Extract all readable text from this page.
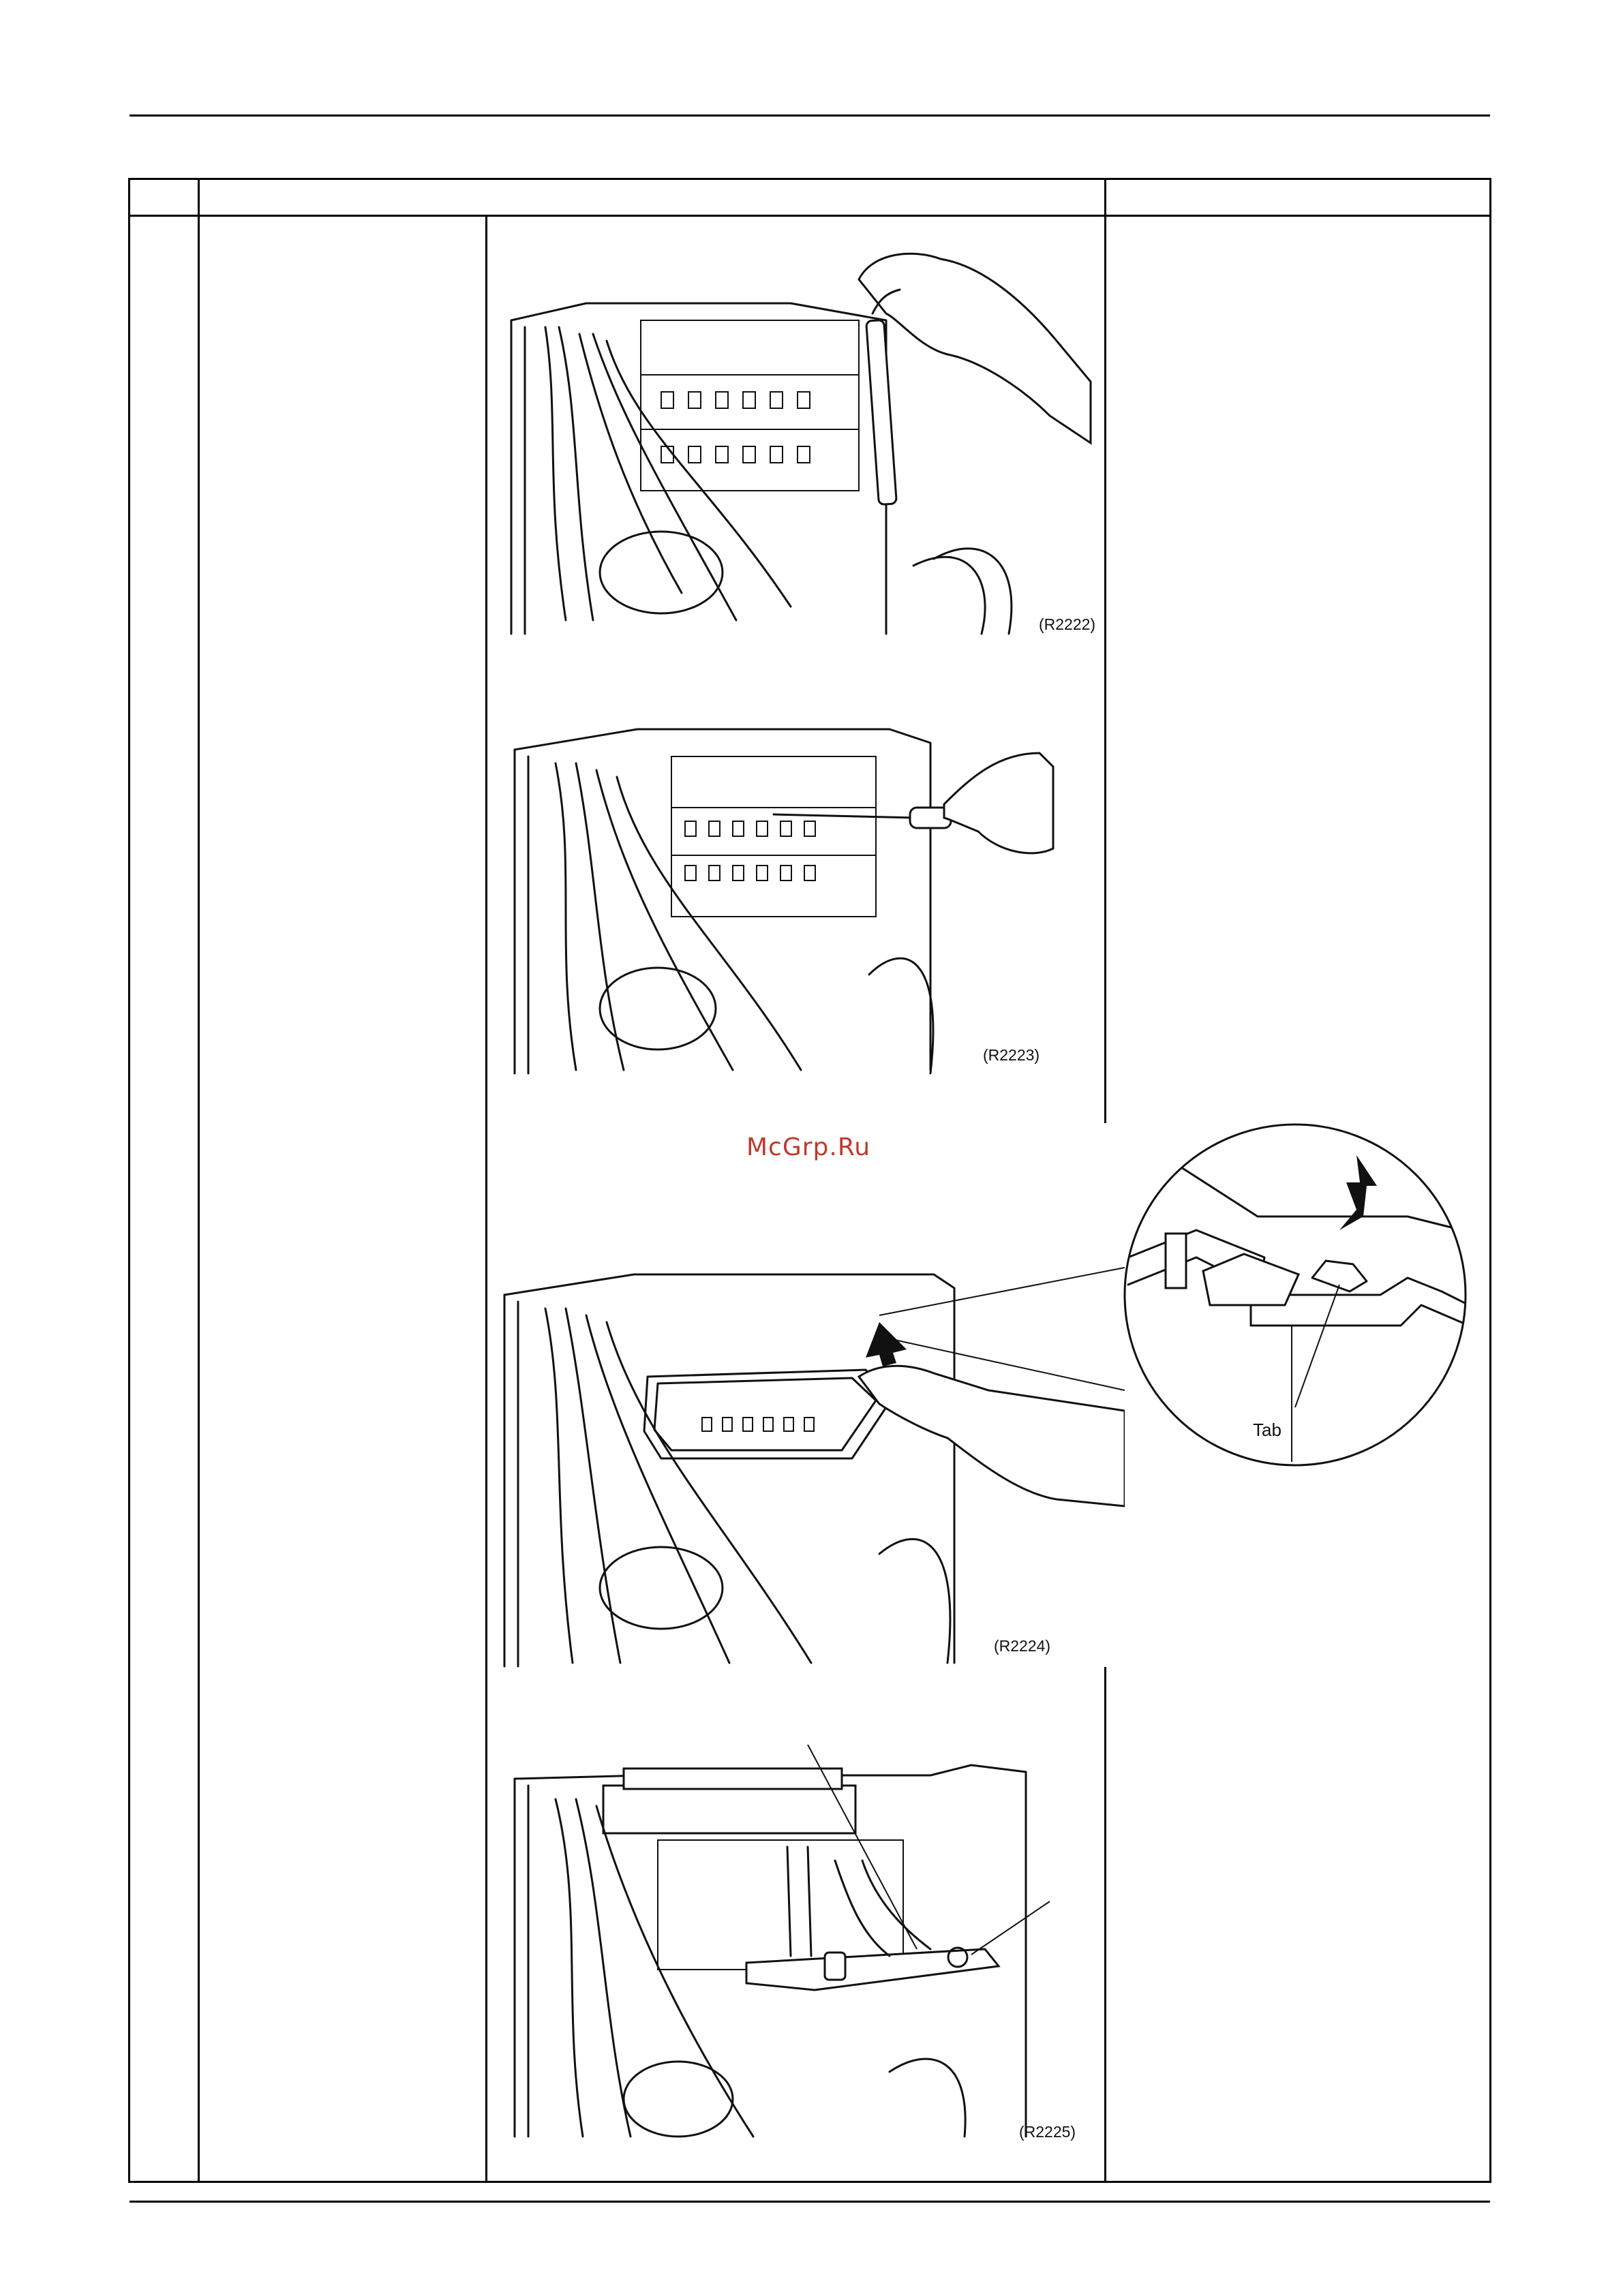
(R2222)
(R2223)
McGrp.Ru
(R2224)
Tab
(R2225)
